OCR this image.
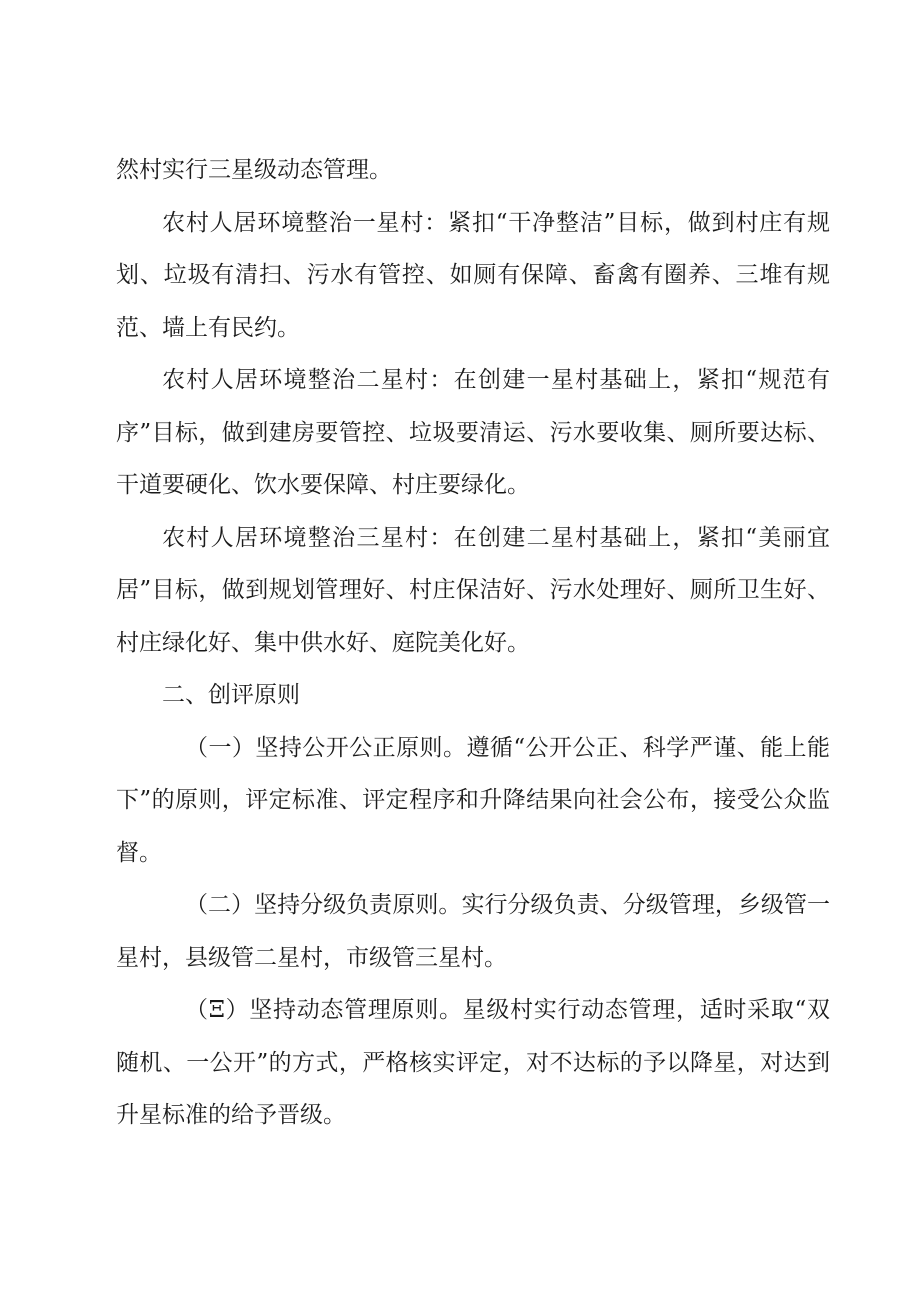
然村实行三星级动态管理。

农村人居环境整治一星村：紧扣“干净整洁”目标，做到村庄有规划、垃圾有清扫、污水有管控、如厕有保障、畜禽有圈养、三堆有规范、墙上有民约。

农村人居环境整治二星村：在创建一星村基础上，紧扣“规范有序”目标，做到建房要管控、垃圾要清运、污水要收集、厕所要达标、干道要硬化、饮水要保障、村庄要绿化。

农村人居环境整治三星村：在创建二星村基础上，紧扣“美丽宜居”目标，做到规划管理好、村庄保洁好、污水处理好、厕所卫生好、村庄绿化好、集中供水好、庭院美化好。

二、创评原则

（一）坚持公开公正原则。遵循“公开公正、科学严谨、能上能下”的原则，评定标准、评定程序和升降结果向社会公布，接受公众监督。

（二）坚持分级负责原则。实行分级负责、分级管理，乡级管一星村，县级管二星村，市级管三星村。

（Ξ）坚持动态管理原则。星级村实行动态管理，适时采取“双随机、一公开”的方式，严格核实评定，对不达标的予以降星，对达到升星标准的给予晋级。
